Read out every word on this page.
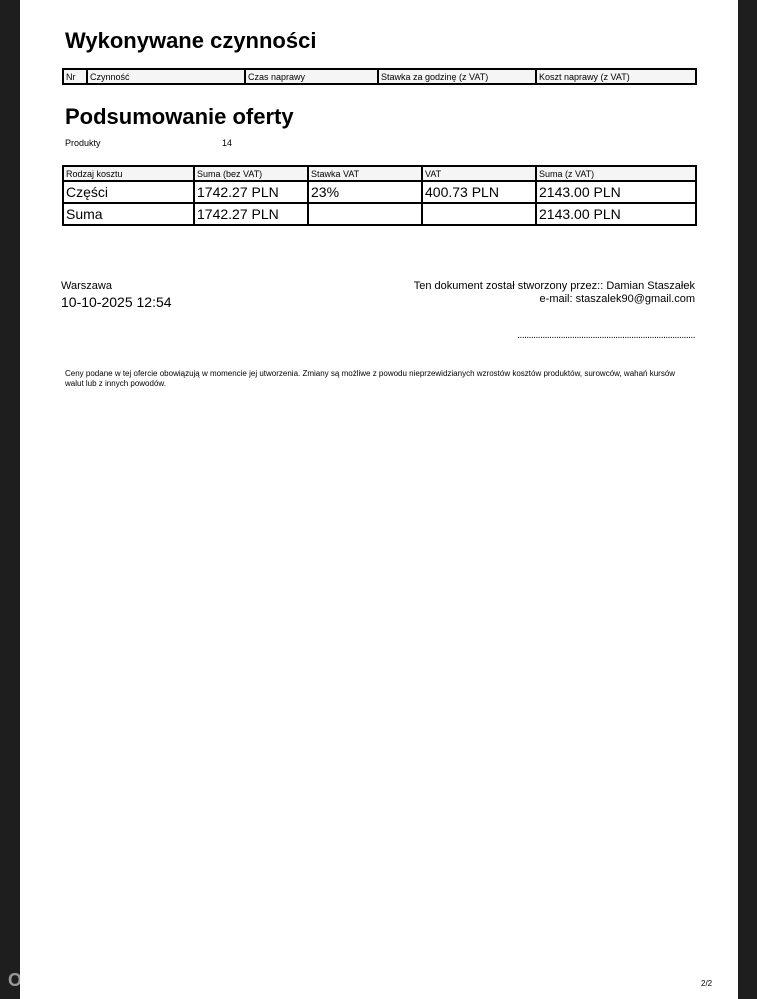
Wykonywane czynności
Nr	Czynność	Czas naprawy	Stawka za godzinę (z VAT)	Koszt naprawy (z VAT)
Podsumowanie oferty
Produkty	14
Rodzaj kosztu	Suma (bez VAT)	Stawka VAT	VAT	Suma (z VAT)
Części	1742.27 PLN	23%	400.73 PLN	2143.00 PLN
Suma	1742.27 PLN			2143.00 PLN
Warszawa
10-10-2025 12:54
Ten dokument został stworzony przez:: Damian Staszałek
e-mail: staszalek90@gmail.com
..............................................................................
Ceny podane w tej ofercie obowiązują w momencie jej utworzenia. Zmiany są możliwe z powodu nieprzewidzianych wzrostów kosztów produktów, surowców, wahań kursów walut lub z innych powodów.
2/2
OtoMoto
